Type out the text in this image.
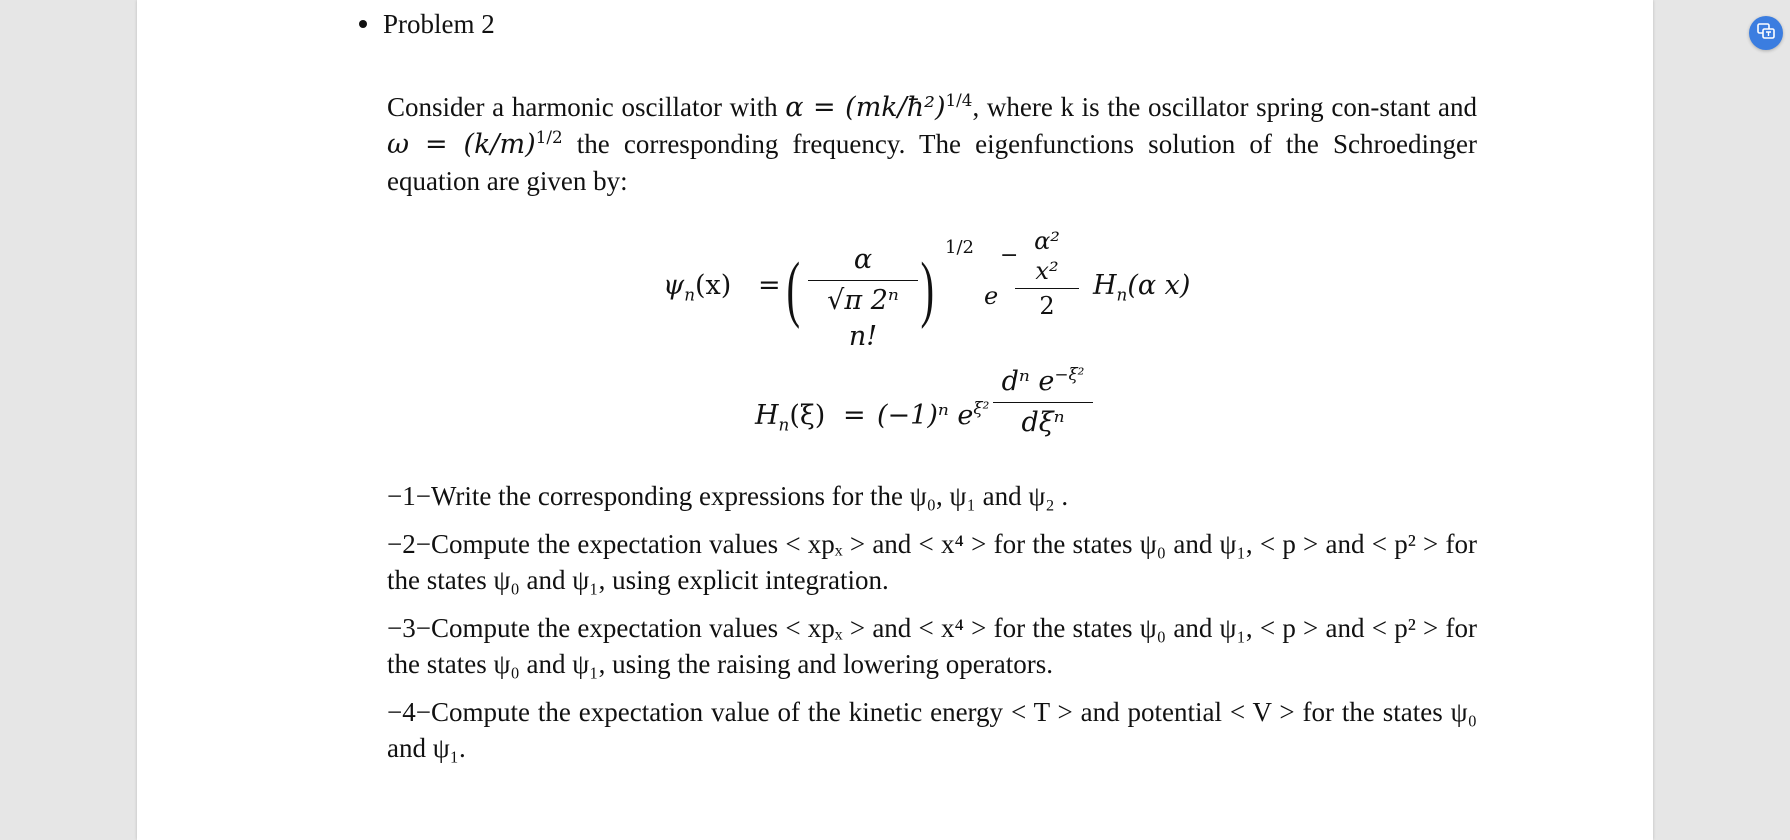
Problem 2
Consider a harmonic oscillator with α = (mk/ħ²)$^{1/4}$, where k is the oscillator spring con-stant and $\omega = (k/m)^{1/2}$ the corresponding frequency. The eigenfunctions solution of the Schroedinger equation are given by:
$\psi_n(x)$ = (	α
√π 2ⁿ n!
)
1/2
e
−
α² x²
2
$H_n(\alpha$ x)
$H_n(\xi) = (-1)^n$ $e^{\xi^2}$
dⁿ $e^{-\xi^2}$
dξⁿ
−1−Write the corresponding expressions for the ψ₀, ψ₁ and ψ₂ .
−2−Compute the expectation values < xpₓ > and < x⁴ > for the states ψ₀ and ψ₁, < p > and < p² > for the states ψ₀ and ψ₁, using explicit integration.
−3−Compute the expectation values < xpₓ > and < x⁴ > for the states ψ₀ and ψ₁, < p > and < p² > for the states ψ₀ and ψ₁, using the raising and lowering operators.
−4−Compute the expectation value of the kinetic energy < T > and potential < V > for the states ψ₀ and ψ₁.
